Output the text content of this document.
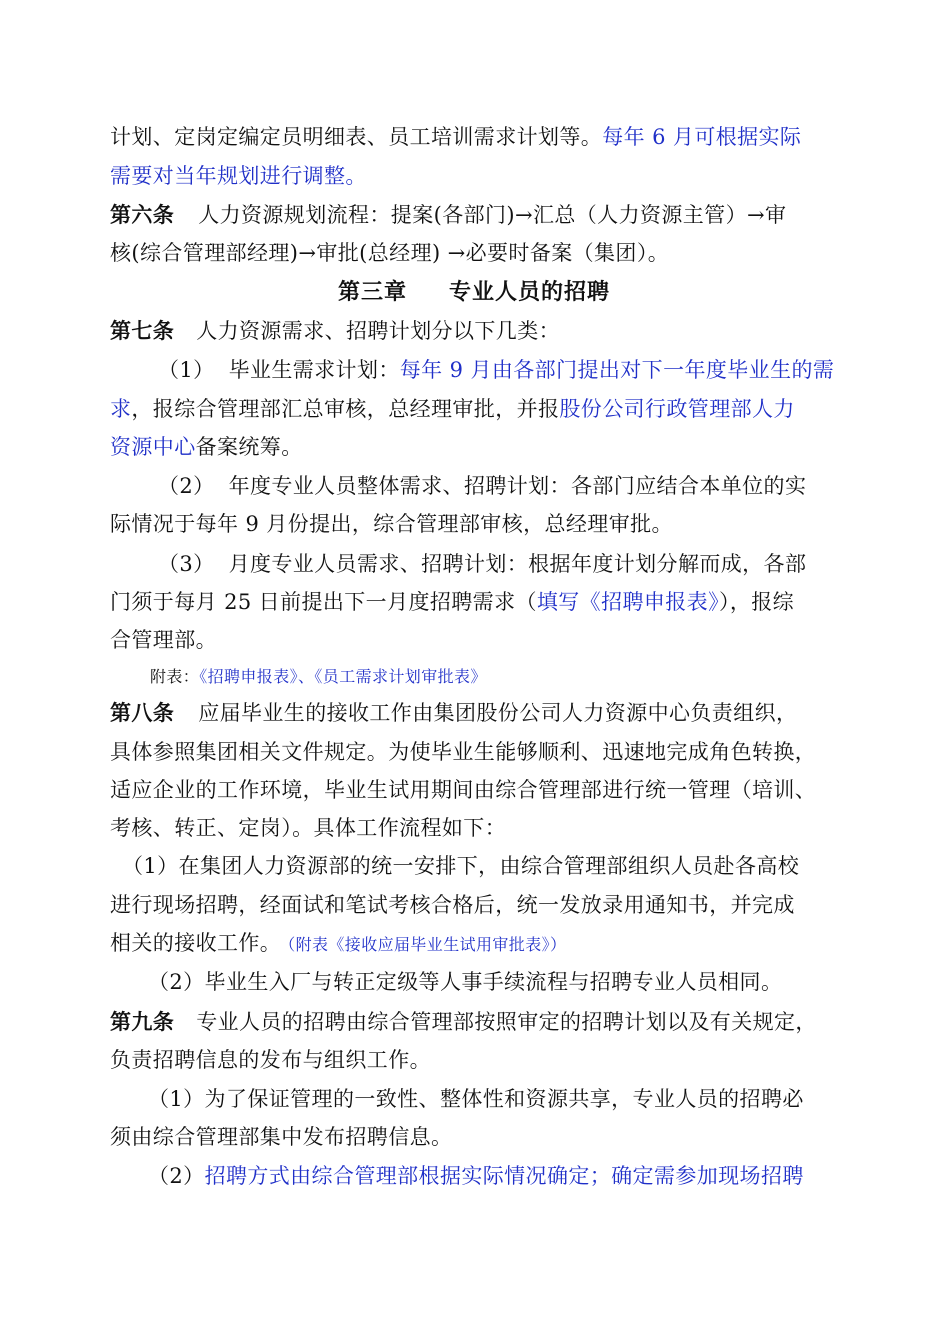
计划、定岗定编定员明细表、员工培训需求计划等。每年 6 月可根据实际
需要对当年规划进行调整。
第六条 人力资源规划流程：提案(各部门)→汇总（人力资源主管）→审
核(综合管理部经理)→审批(总经理) →必要时备案（集团）。
第三章 专业人员的招聘
第七条 人力资源需求、招聘计划分以下几类：
（1） 毕业生需求计划：每年 9 月由各部门提出对下一年度毕业生的需
求，报综合管理部汇总审核，总经理审批，并报股份公司行政管理部人力
资源中心备案统筹。
（2） 年度专业人员整体需求、招聘计划：各部门应结合本单位的实
际情况于每年 9 月份提出，综合管理部审核，总经理审批。
（3） 月度专业人员需求、招聘计划：根据年度计划分解而成，各部
门须于每月 25 日前提出下一月度招聘需求（填写《招聘申报表》），报综
合管理部。
附表：《招聘申报表》、《员工需求计划审批表》
第八条 应届毕业生的接收工作由集团股份公司人力资源中心负责组织，
具体参照集团相关文件规定。为使毕业生能够顺利、迅速地完成角色转换，
适应企业的工作环境，毕业生试用期间由综合管理部进行统一管理（培训、
考核、转正、定岗）。具体工作流程如下：
（1）在集团人力资源部的统一安排下，由综合管理部组织人员赴各高校
进行现场招聘，经面试和笔试考核合格后，统一发放录用通知书，并完成
相关的接收工作。 （附表《接收应届毕业生试用审批表》）
（2）毕业生入厂与转正定级等人事手续流程与招聘专业人员相同。
第九条 专业人员的招聘由综合管理部按照审定的招聘计划以及有关规定，
负责招聘信息的发布与组织工作。
（1）为了保证管理的一致性、整体性和资源共享，专业人员的招聘必
须由综合管理部集中发布招聘信息。
（2）招聘方式由综合管理部根据实际情况确定；确定需参加现场招聘
